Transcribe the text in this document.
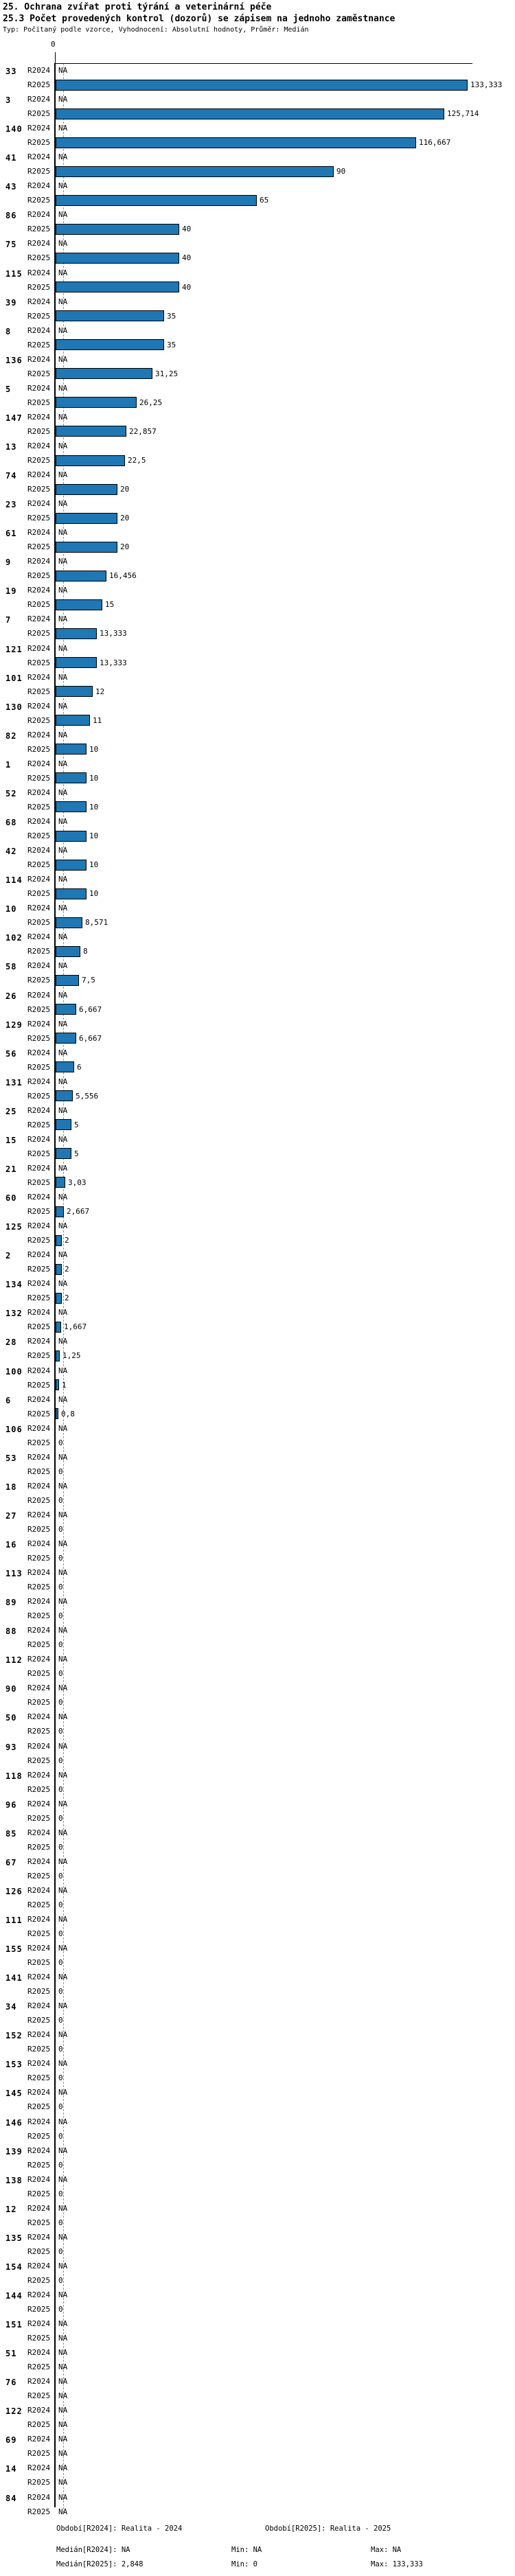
25. Ochrana zvířat proti týrání a veterinární péče
25.3 Počet provedených kontrol (dozorů) se zápisem na jednoho zaměstnance
Typ: Počítaný podle vzorce, Vyhodnocení: Absolutní hodnoty, Průměr: Medián
0
33 R2024 NA
R2025	133,333
3 R2024 NA
R2025	125,714
140 R2024 NA
R2025	116,667
41 R2024 NA
R2025	90
43 R2024 NA
R2025	65
86 R2024 NA
R2025	40
75 R2024 NA
R2025	40
115 R2024 NA
R2025	40
39 R2024 NA
R2025	35
8 R2024 NA
R2025	35
136 R2024 NA
R2025	31,25
5 R2024 NA
R2025	26,25
147 R2024 NA
R2025	22,857
13 R2024 NA
R2025	22,5
74 R2024 NA
R2025	20
23 R2024 NA
R2025	20
61 R2024 NA
R2025	20
9 R2024 NA
R2025	16,456
19 R2024 NA
R2025	15
7 R2024 NA
R2025	13,333
121 R2024 NA
R2025	13,333
101 R2024 NA
R2025	12
130 R2024 NA
R2025	11
82 R2024 NA
R2025	10
1 R2024 NA
R2025	10
52 R2024 NA
R2025	10
68 R2024 NA
R2025	10
42 R2024 NA
R2025	10
114 R2024 NA
R2025	10
10 R2024 NA
R2025	8,571
102 R2024 NA
R2025	8
58 R2024 NA
R2025	7,5
26 R2024 NA
R2025	6,667
129 R2024 NA
R2025	6,667
56 R2024 NA
R2025	6
131 R2024 NA
R2025	5,556
25 R2024 NA
R2025	5
15 R2024 NA
R2025	5
21 R2024 NA
R2025 3,03
60 R2024 NA
R2025 2,667
125 R2024 NA
R2025 2
2 R2024 NA
R2025 2
134 R2024 NA
R2025 2
132 R2024 NA
R2025 1,667
28 R2024 NA
R2025 1,25
100 R2024 NA
R2025 1
6 R2024 NA
R2025 0,8
106 R2024 NA
R2025 0
53 R2024 NA
R2025 0
18 R2024 NA
R2025 0
27 R2024 NA
R2025 0
16 R2024 NA
R2025 0
113 R2024 NA
R2025 0
89 R2024 NA
R2025 0
88 R2024 NA
R2025 0
112 R2024 NA
R2025 0
90 R2024 NA
R2025 0
50 R2024 NA
R2025 0
93 R2024 NA
R2025 0
118 R2024 NA
R2025 0
96 R2024 NA
R2025 0
85 R2024 NA
R2025 0
67 R2024 NA
R2025 0
126 R2024 NA
R2025 0
111 R2024 NA
R2025 0
155 R2024 NA
R2025 0
141 R2024 NA
R2025 0
34 R2024 NA
R2025 0
152 R2024 NA
R2025 0
153 R2024 NA
R2025 0
145 R2024 NA
R2025 0
146 R2024 NA
R2025 0
139 R2024 NA
R2025 0
138 R2024 NA
R2025 0
12 R2024 NA
R2025 0
135 R2024 NA
R2025 0
154 R2024 NA
R2025 0
144 R2024 NA
R2025 0
151 R2024 NA
R2025 NA
51 R2024 NA
R2025 NA
76 R2024 NA
R2025 NA
122 R2024 NA
R2025 NA
69 R2024 NA
R2025 NA
14 R2024 NA
R2025 NA
84 R2024 NA
R2025 NA
Období[R2024]: Realita - 2024	Období[R2025]: Realita - 2025
Medián[R2024]: NA	Min: NA	Max: NA
Medián[R2025]: 2,848	Min: 0	Max: 133,333
